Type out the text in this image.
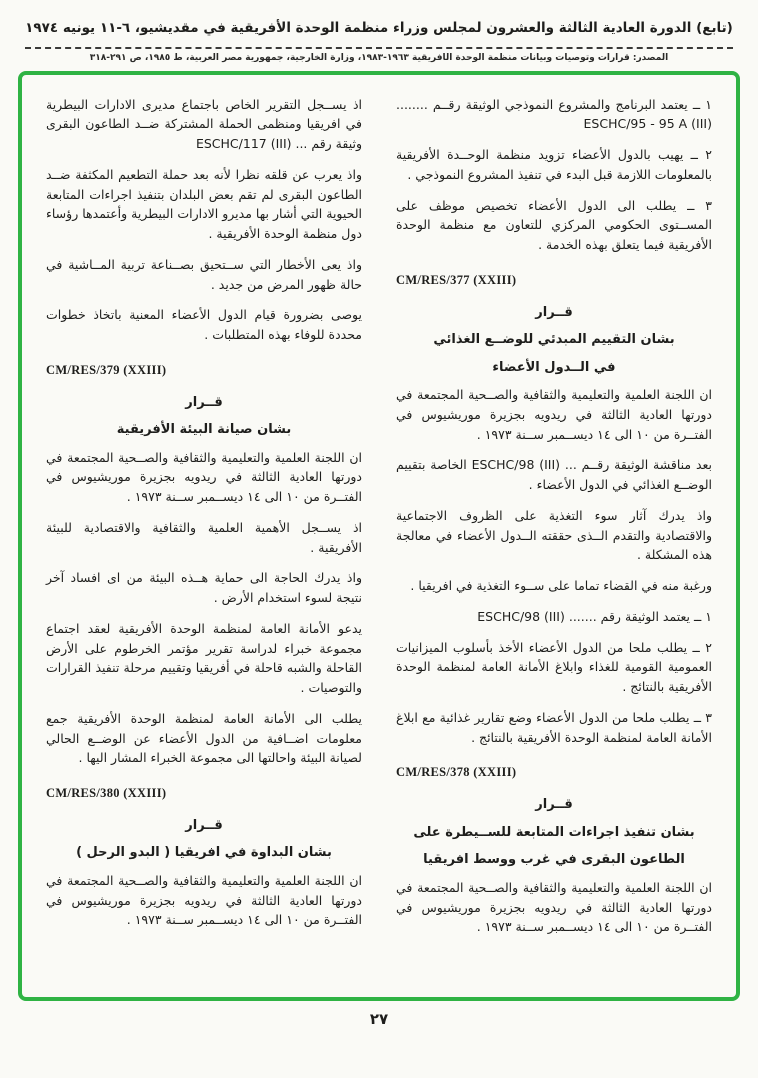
(تابع) الدورة العادية الثالثة والعشرون لمجلس وزراء منظمة الوحدة الأفريقية في مقديشيو، ٦-١١ يونيه ١٩٧٤
المصدر: قرارات وتوصيات وبيانات منظمة الوحدة الأفريقية ١٩٦٣-١٩٨٣، وزارة الخارجية، جمهورية مصر العربية، ط ١٩٨٥، ص ٢٩١-٣١٨
١ ــ يعتمد البرنامج والمشروع النموذجي الوثيقة رقــم ........ ESCHC/95 - 95 A (III)
٢ ــ يهيب بالدول الأعضاء تزويد منظمة الوحــدة الأفريقية بالمعلومات اللازمة قبل البدء في تنفيذ المشروع النموذجي .
٣ ــ يطلب الى الدول الأعضاء تخصيص موظف على المســتوى الحكومي المركزي للتعاون مع منظمة الوحدة الأفريقية فيما يتعلق بهذه الخدمة .
CM/RES/377 (XXIII)
قــرار
بشان التقييم المبدئي للوضــع الغذائي
في الــدول الأعضاء
ان اللجنة العلمية والتعليمية والثقافية والصــحية المجتمعة في دورتها العادية الثالثة في ريدويه بجزيرة موريشيوس في الفتــرة من ١٠ الى ١٤ ديســمبر ســنة ١٩٧٣ .
بعد مناقشة الوثيقة رقــم ... ESCHC/98 (III) الخاصة بتقييم الوضــع الغذائي في الدول الأعضاء .
واذ يدرك آثار سوء التغذية على الظروف الاجتماعية والاقتصادية والتقدم الــذى حققته الــدول الأعضاء في معالجة هذه المشكلة .
ورغبة منه في القضاء تماما على ســوء التغذية في افريقيا .
١ ــ يعتمد الوثيقة رقم ....... ESCHC/98 (III)
٢ ــ يطلب ملحا من الدول الأعضاء الأخذ بأسلوب الميزانيات العمومية القومية للغذاء وابلاغ الأمانة العامة لمنظمة الوحدة الأفريقية بالنتائج .
٣ ــ يطلب ملحا من الدول الأعضاء وضع تقارير غذائية مع ابلاغ الأمانة العامة لمنظمة الوحدة الأفريقية بالنتائج .
CM/RES/378 (XXIII)
قــرار
بشان تنفيذ اجراءات المتابعة للســيطرة على
الطاعون البقرى في غرب ووسط افريقيا
ان اللجنة العلمية والتعليمية والثقافية والصــحية المجتمعة في دورتها العادية الثالثة في ريدويه بجزيرة موريشيوس في الفتــرة من ١٠ الى ١٤ ديســمبر ســنة ١٩٧٣ .
اذ يســجل التقرير الخاص باجتماع مديرى الادارات البيطرية في افريقيا ومنظمى الحملة المشتركة ضــد الطاعون البقرى وثيقة رقم ... ESCHC/117 (III)
واذ يعرب عن قلقه نظرا لأنه بعد حملة التطعيم المكثفة ضــد الطاعون البقرى لم تقم بعض البلدان بتنفيذ اجراءات المتابعة الحيوية التي أشار بها مديرو الادارات البيطرية وأعتمدها رؤساء دول منظمة الوحدة الأفريقية .
واذ يعى الأخطار التي ســتحيق بصــناعة تربية المــاشية في حالة ظهور المرض من جديد .
يوصى بضرورة قيام الدول الأعضاء المعنية باتخاذ خطوات محددة للوفاء بهذه المتطلبات .
CM/RES/379 (XXIII)
قــرار
بشان صيانة البيئة الأفريقية
ان اللجنة العلمية والتعليمية والثقافية والصــحية المجتمعة في دورتها العادية الثالثة في ريدويه بجزيرة موريشيوس في الفتــرة من ١٠ الى ١٤ ديســمبر ســنة ١٩٧٣ .
اذ يســجل الأهمية العلمية والثقافية والاقتصادية للبيئة الأفريقية .
واذ يدرك الحاجة الى حماية هــذه البيئة من اى افساد آخر نتيجة لسوء استخدام الأرض .
يدعو الأمانة العامة لمنظمة الوحدة الأفريقية لعقد اجتماع مجموعة خبراء لدراسة تقرير مؤتمر الخرطوم على الأرض القاحلة والشبه قاحلة في أفريقيا وتقييم مرحلة تنفيذ القرارات والتوصيات .
يطلب الى الأمانة العامة لمنظمة الوحدة الأفريقية جمع معلومات اضــافية من الدول الأعضاء عن الوضــع الحالي لصيانة البيئة واحالتها الى مجموعة الخبراء المشار اليها .
CM/RES/380 (XXIII)
قــرار
بشان البداوة في افريقيا ( البدو الرحل )
ان اللجنة العلمية والتعليمية والثقافية والصــحية المجتمعة في دورتها العادية الثالثة في ريدويه بجزيرة موريشيوس في الفتــرة من ١٠ الى ١٤ ديســمبر ســنة ١٩٧٣ .
٢٧
